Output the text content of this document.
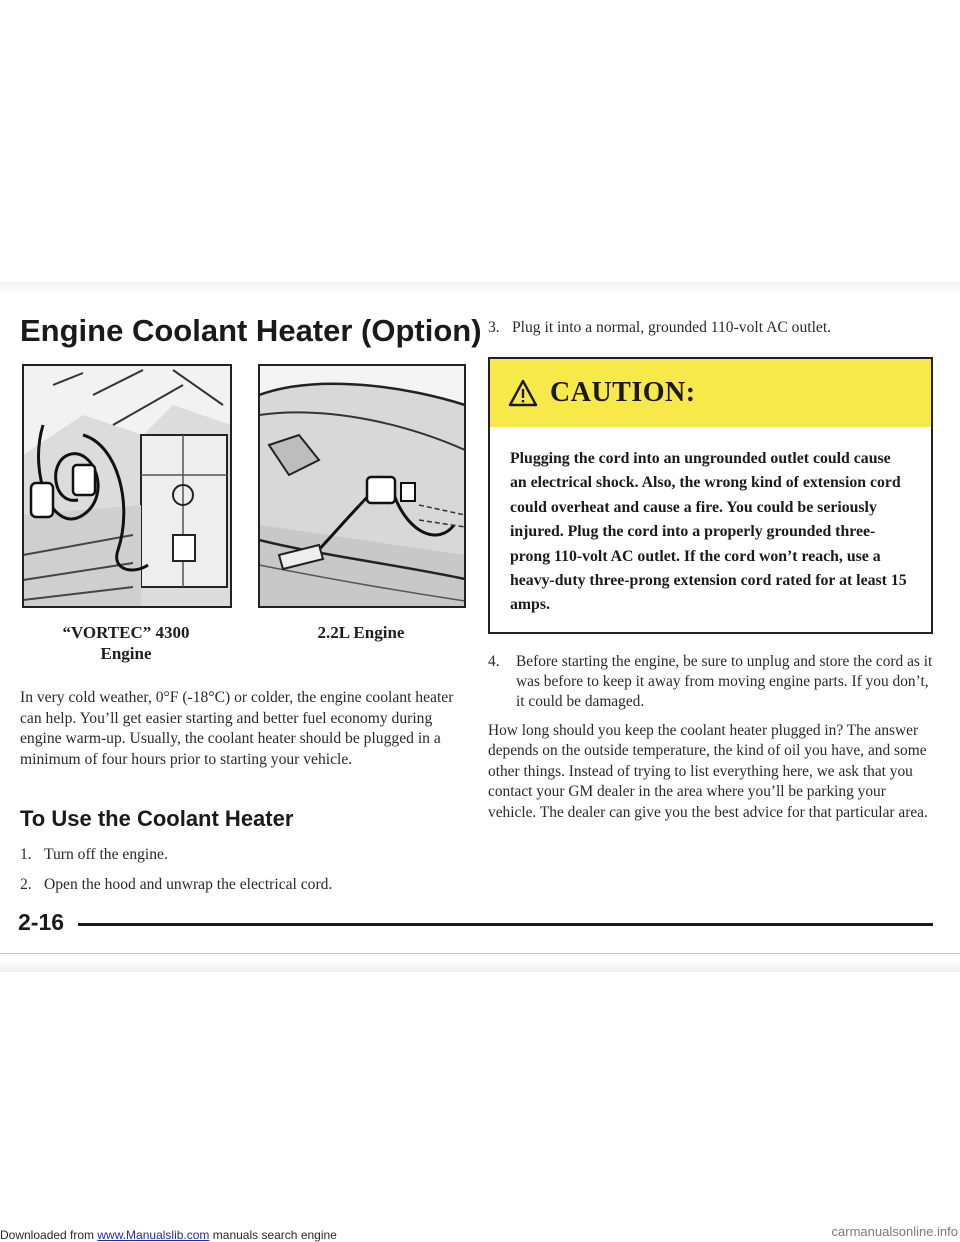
Engine Coolant Heater (Option)
“VORTEC” 4300
Engine
2.2L Engine

In very cold weather, 0°F (-18°C) or colder, the engine coolant heater can help. You’ll get easier starting and better fuel economy during engine warm-up. Usually, the coolant heater should be plugged in a minimum of four hours prior to starting your vehicle.

To Use the Coolant Heater

1. Turn off the engine.

2. Open the hood and unwrap the electrical cord.

3. Plug it into a normal, grounded 110-volt AC outlet.

CAUTION:

Plugging the cord into an ungrounded outlet could cause an electrical shock. Also, the wrong kind of extension cord could overheat and cause a fire. You could be seriously injured. Plug the cord into a properly grounded three-prong 110-volt AC outlet. If the cord won’t reach, use a heavy-duty three-prong extension cord rated for at least 15 amps.

4. Before starting the engine, be sure to unplug and store the cord as it was before to keep it away from moving engine parts. If you don’t, it could be damaged.

How long should you keep the coolant heater plugged in? The answer depends on the outside temperature, the kind of oil you have, and some other things. Instead of trying to list everything here, we ask that you contact your GM dealer in the area where you’ll be parking your vehicle. The dealer can give you the best advice for that particular area.

2-16
Downloaded from www.Manualslib.com manuals search engine	carmanualsonline.info
